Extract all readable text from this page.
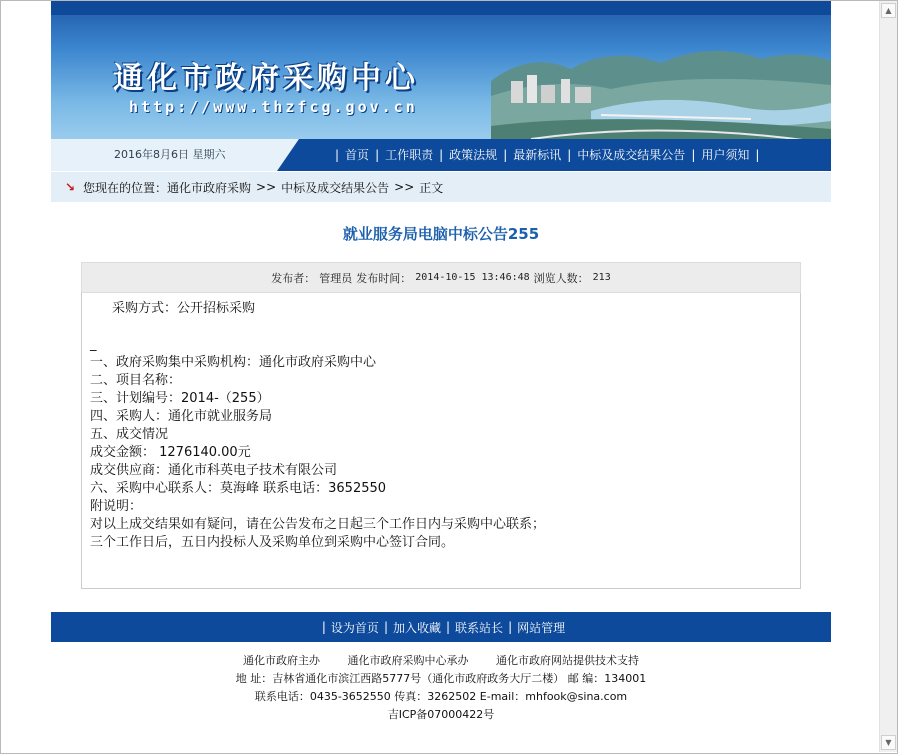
▲
▼
通化市政府采购中心
http://www.thzfcg.gov.cn
2016年8月6日 星期六	| 首页 | 工作职责 | 政策法规 | 最新标讯 | 中标及成交结果公告 | 用户须知 |
↘ 您现在的位置： 通化市政府采购 >> 中标及成交结果公告 >> 正文
就业服务局电脑中标公告255
发布者： 管理员 发布时间： 2014-10-15 13:46:48 浏览人数： 213
采购方式：公开招标采购

_
一、政府采购集中采购机构：通化市政府采购中心
二、项目名称：
三、计划编号：2014-（255）
四、采购人：通化市就业服务局
五、成交情况
成交金额： 1276140.00元
成交供应商：通化市科英电子技术有限公司
六、采购中心联系人：莫海峰 联系电话：3652550
附说明：
对以上成交结果如有疑问，请在公告发布之日起三个工作日内与采购中心联系；
三个工作日后，五日内投标人及采购单位到采购中心签订合同。
| 设为首页 | 加入收藏 | 联系站长 | 网站管理
通化市政府主办	通化市政府采购中心承办	通化市政府网站提供技术支持
地 址：吉林省通化市滨江西路5777号（通化市政府政务大厅二楼） 邮 编：134001
联系电话：0435-3652550 传真：3262502 E-mail：mhfook@sina.com
吉ICP备07000422号
